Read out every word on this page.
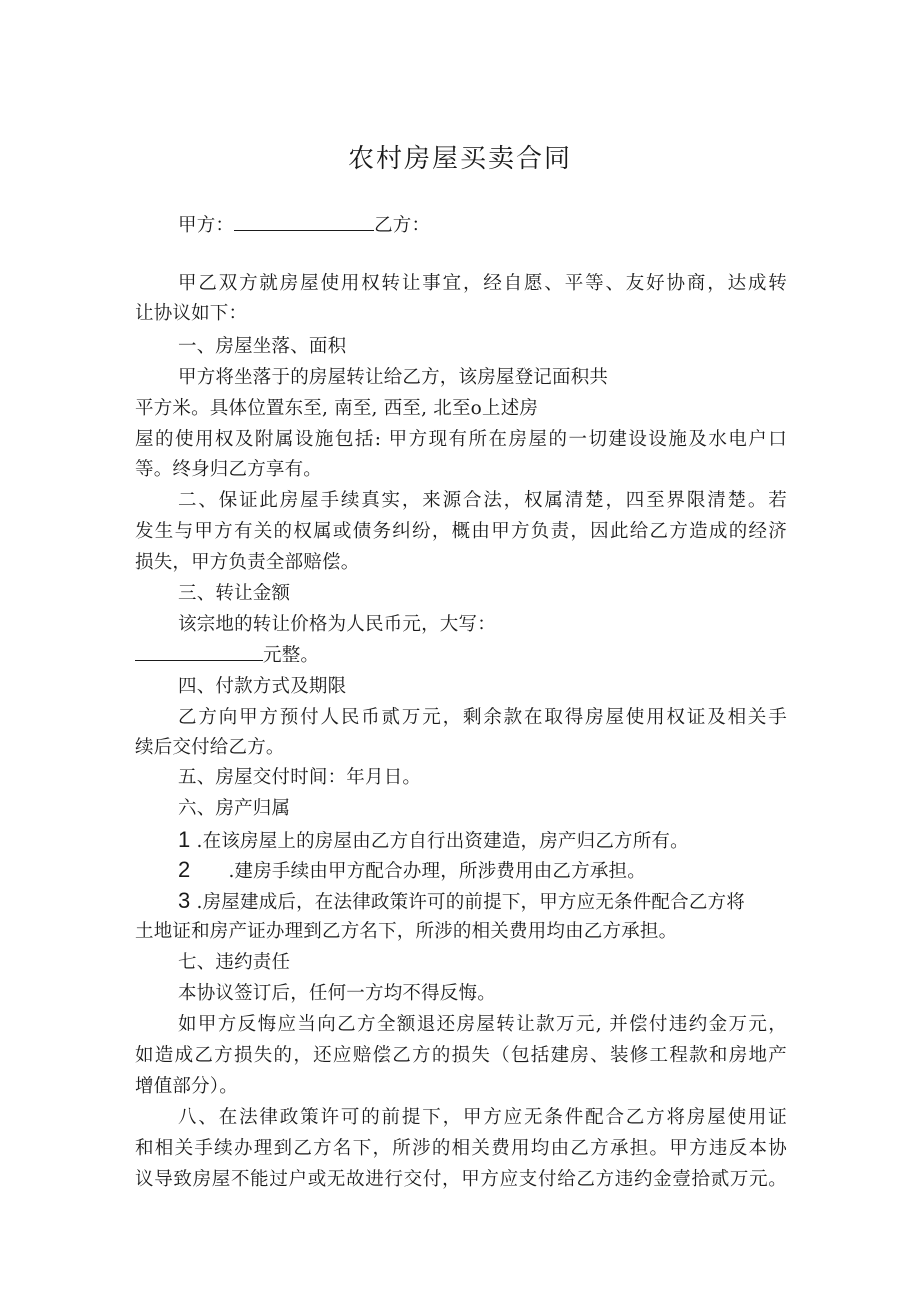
农村房屋买卖合同
甲方：	乙方：
甲乙双方就房屋使用权转让事宜，经自愿、平等、友好协商，达成转
让协议如下：
一、房屋坐落、面积
甲方将坐落于的房屋转让给乙方，该房屋登记面积共
平方米。具体位置东至, 南至, 西至, 北至o上述房
屋的使用权及附属设施包括: 甲方现有所在房屋的一切建设设施及水电户口
等。终身归乙方享有。
二、保证此房屋手续真实，来源合法，权属清楚，四至界限清楚。若
发生与甲方有关的权属或债务纠纷，概由甲方负责，因此给乙方造成的经济
损失，甲方负责全部赔偿。
三、转让金额
该宗地的转让价格为人民币元，大写：
元整。
四、付款方式及期限
乙方向甲方预付人民币贰万元，剩余款在取得房屋使用权证及相关手
续后交付给乙方。
五、房屋交付时间：年月日。
六、房产归属
1 .在该房屋上的房屋由乙方自行出资建造，房产归乙方所有。
2 .建房手续由甲方配合办理，所涉费用由乙方承担。
3 .房屋建成后，在法律政策许可的前提下，甲方应无条件配合乙方将
土地证和房产证办理到乙方名下，所涉的相关费用均由乙方承担。
七、违约责任
本协议签订后，任何一方均不得反悔。
如甲方反悔应当向乙方全额退还房屋转让款万元, 并偿付违约金万元，
如造成乙方损失的，还应赔偿乙方的损失（包括建房、装修工程款和房地产
增值部分）。
八、在法律政策许可的前提下，甲方应无条件配合乙方将房屋使用证
和相关手续办理到乙方名下，所涉的相关费用均由乙方承担。甲方违反本协
议导致房屋不能过户或无故进行交付，甲方应支付给乙方违约金壹拾贰万元。
